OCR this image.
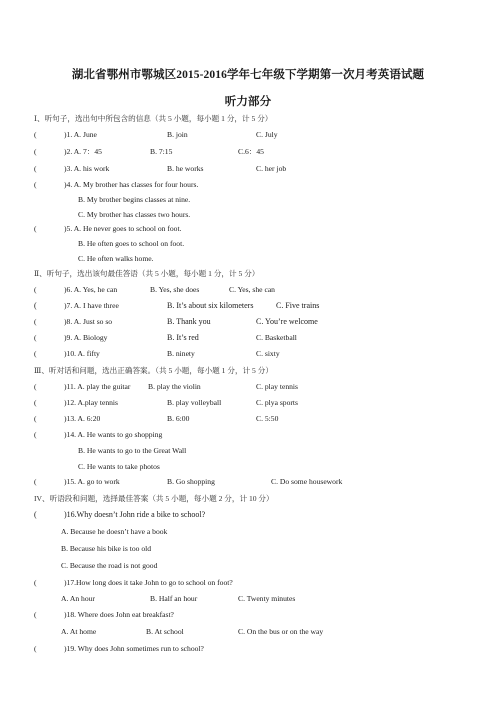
湖北省鄂州市鄂城区2015-2016学年七年级下学期第一次月考英语试题
听力部分
Ⅰ、听句子，选出句中所包含的信息（共 5 小题，每小题 1 分，计 5 分）
(	)1. A. June	B. join	C. July
(	)2. A. 7：45	B. 7:15	C.6：45
(	)3. A. his work	B. he works	C. her job
(	)4. A. My brother has classes for four hours.
B. My brother begins classes at nine.
C. My brother has classes two hours.
(	)5. A. He never goes to school on foot.
B. He often goes to school on foot.
C. He often walks home.
Ⅱ、听句子，选出该句最佳答语（共 5 小题，每小题 1 分，计 5 分）
(	)6. A. Yes, he can	B. Yes, she does	C. Yes, she can
(	)7. A. I have three	B. It’s about six kilometers	C. Five trains
(	)8. A. Just so so	B. Thank you	C. You’re welcome
(	)9. A. Biology	B. It’s red	C. Basketball
(	)10. A. fifty	B. ninety	C. sixty
Ⅲ、听对话和问题，选出正确答案。（共 5 小题，每小题 1 分，计 5 分）
(	)11. A. play the guitar B. play the violin	C. play tennis
(	)12. A.play tennis	B. play volleyball	C. plya sports
(	)13. A. 6:20	B. 6:00	C. 5:50
(	)14. A. He wants to go shopping
B. He wants to go to the Great Wall
C. He wants to take photos
(	)15. A. go to work	B. Go shopping	C. Do some housework
IV、听语段和问题，选择最佳答案（共 5 小题，每小题 2 分，计 10 分）
(	)16.Why doesn’t John ride a bike to school?
A. Because he doesn’t have a book
B. Because his bike is too old
C. Because the road is not good
(	)17.How long does it take John to go to school on foot?
A. An hour	B. Half an hour	C. Twenty minutes
(	)18. Where does John eat breakfast?
A. At home	B. At school	C. On the bus or on the way
(	)19. Why does John sometimes run to school?
